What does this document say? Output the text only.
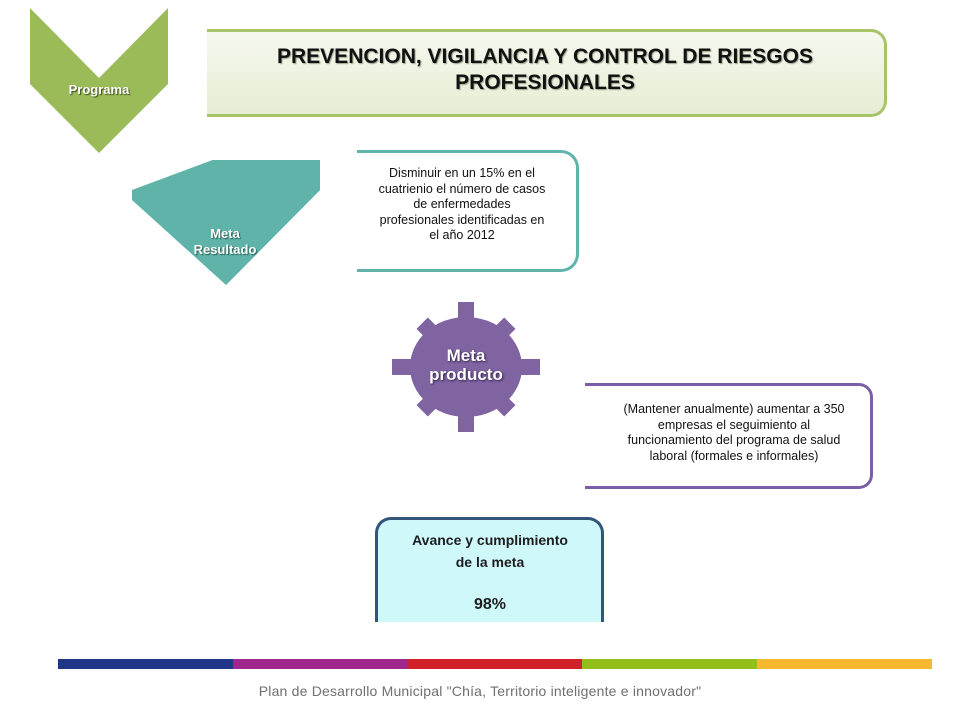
Programa
PREVENCION, VIGILANCIA Y CONTROL DE RIESGOS
PROFESIONALES
Meta
Resultado
Disminuir en un 15% en el
cuatrienio el número de casos
de enfermedades
profesionales identificadas en
el año 2012
Meta
producto
(Mantener anualmente) aumentar a 350
empresas el seguimiento al
funcionamiento del programa de salud
laboral (formales e informales)
Avance y cumplimiento
de la meta
98%
Plan de Desarrollo Municipal "Chía, Territorio inteligente e innovador"
